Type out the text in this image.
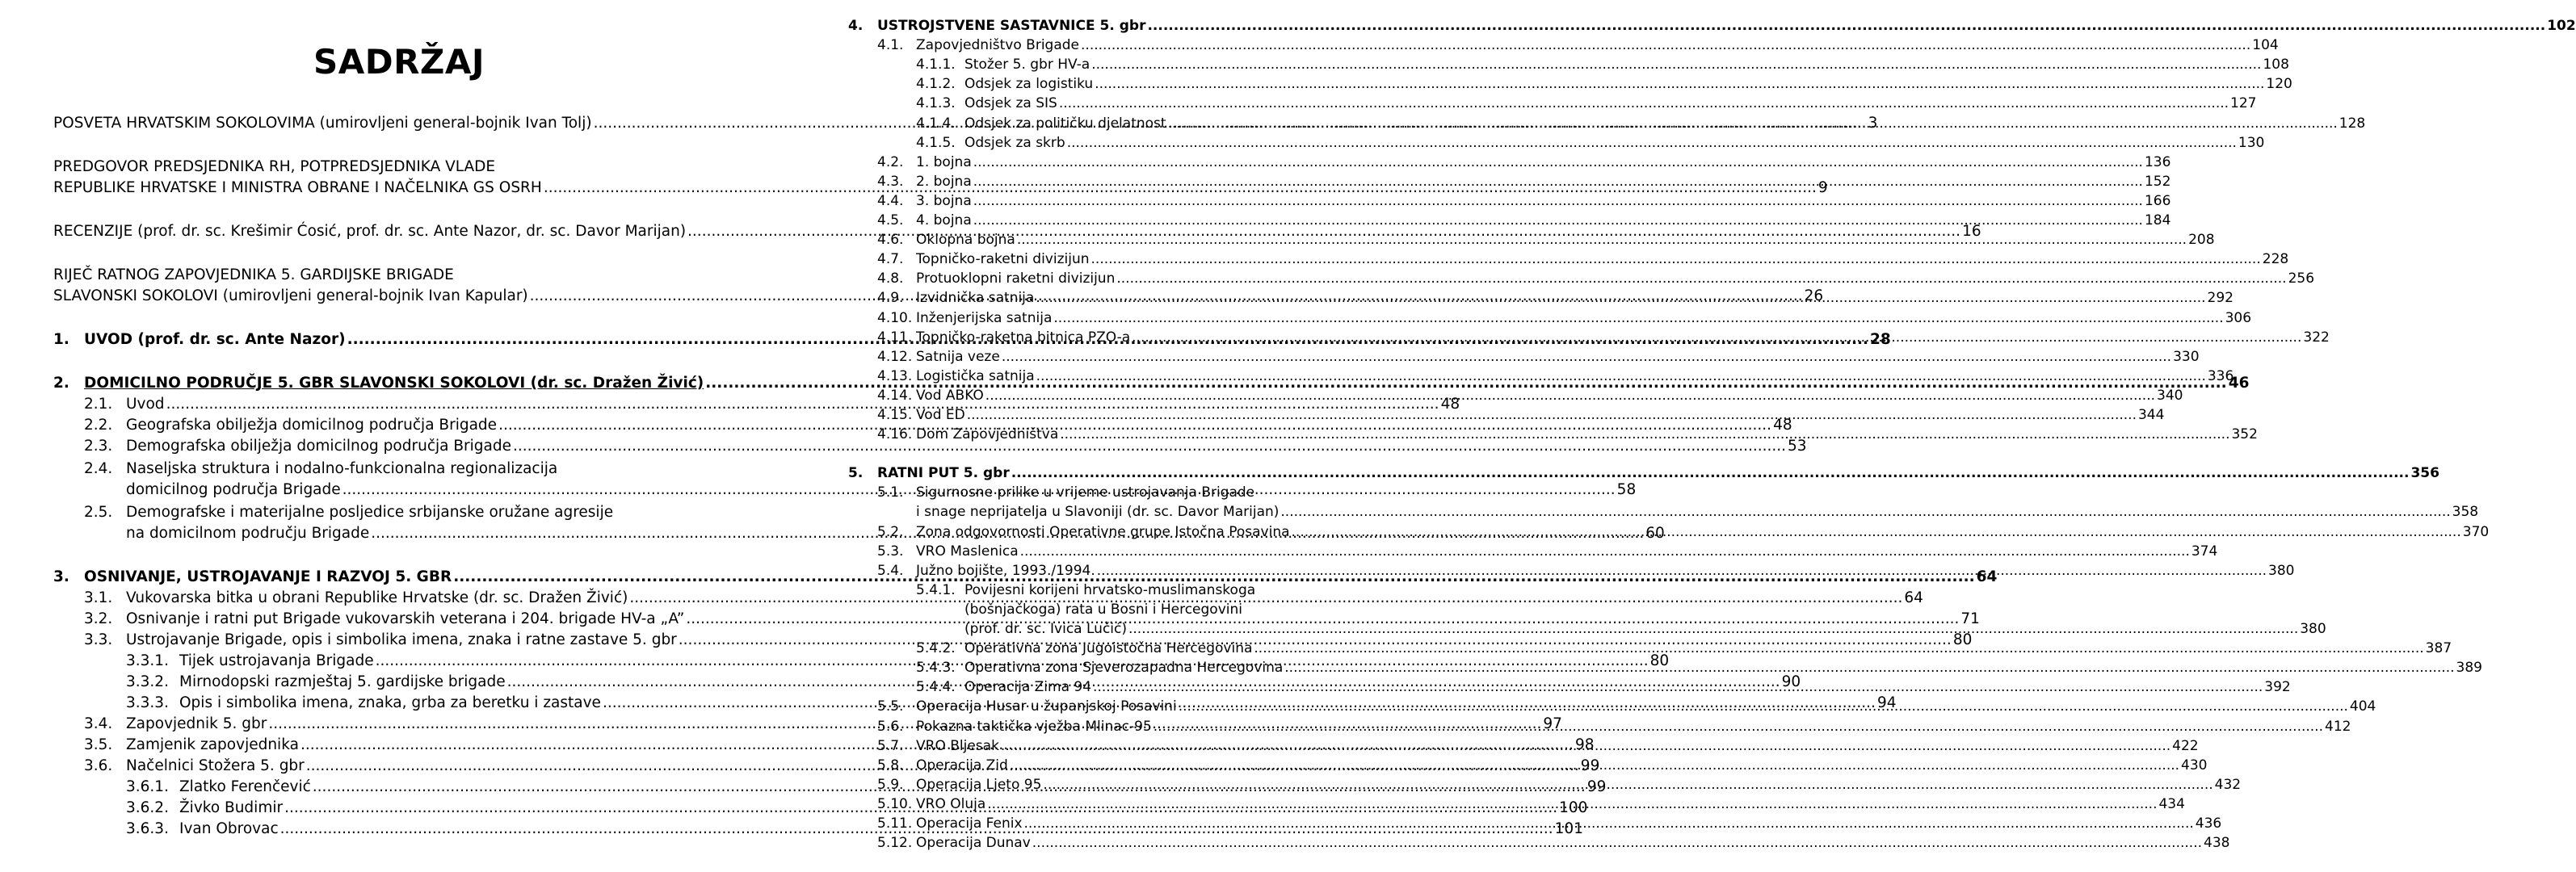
SADRŽAJ
POSVETA HRVATSKIM SOKOLOVIMA (umirovljeni general-bojnik Ivan Tolj) .....	3
PREDGOVOR PREDSJEDNIKA RH, POTPREDSJEDNIKA VLADE
REPUBLIKE HRVATSKE I MINISTRA OBRANE I NAČELNIKA GS OSRH .....	9
RECENZIJE (prof. dr. sc. Krešimir Ćosić, prof. dr. sc. Ante Nazor, dr. sc. Davor Marijan) .....	16
RIJEČ RATNOG ZAPOVJEDNIKA 5. GARDIJSKE BRIGADE
SLAVONSKI SOKOLOVI (umirovljeni general-bojnik Ivan Kapular) .....	26
1. UVOD (prof. dr. sc. Ante Nazor) .....	28
2. DOMICILNO PODRUČJE 5. GBR SLAVONSKI SOKOLOVI (dr. sc. Dražen Živić) .....	46
2.1. Uvod .....	48
2.2. Geografska obilježja domicilnog područja Brigade .....	48
2.3. Demografska obilježja domicilnog područja Brigade .....	53
2.4. Naseljska struktura i nodalno-funkcionalna regionalizacija
domicilnog područja Brigade .....	58
2.5. Demografske i materijalne posljedice srbijanske oružane agresije
na domicilnom području Brigade .....	60
3. OSNIVANJE, USTROJAVANJE I RAZVOJ 5. GBR .....	64
3.1. Vukovarska bitka u obrani Republike Hrvatske (dr. sc. Dražen Živić) .....	64
3.2. Osnivanje i ratni put Brigade vukovarskih veterana i 204. brigade HV-a „A” .....	71
3.3. Ustrojavanje Brigade, opis i simbolika imena, znaka i ratne zastave 5. gbr .....	80
3.3.1. Tijek ustrojavanja Brigade .....	80
3.3.2. Mirnodopski razmještaj 5. gardijske brigade .....	90
3.3.3. Opis i simbolika imena, znaka, grba za beretku i zastave .....	94
3.4. Zapovjednik 5. gbr .....	97
3.5. Zamjenik zapovjednika .....	98
3.6. Načelnici Stožera 5. gbr .....	99
3.6.1. Zlatko Ferenčević .....	99
3.6.2. Živko Budimir .....	100
3.6.3. Ivan Obrovac .....	101
4.	USTROJSTVENE SASTAVNICE 5. gbr .....	102
4.1. Zapovjedništvo Brigade .....	104
4.1.1. Stožer 5. gbr HV-a .....	108
4.1.2. Odsjek za logistiku .....	120
4.1.3. Odsjek za SIS .....	127
4.1.4. Odsjek za političku djelatnost .....	128
4.1.5. Odsjek za skrb .....	130
4.2. 1. bojna .....	136
4.3. 2. bojna .....	152
4.4. 3. bojna .....	166
4.5. 4. bojna .....	184
4.6. Oklopna bojna .....	208
4.7. Topničko-raketni divizijun .....	228
4.8. Protuoklopni raketni divizijun .....	256
4.9. Izvidnička satnija .....	292
4.10. Inženjerijska satnija .....	306
4.11. Topničko-raketna bitnica PZO-a .....	322
4.12. Satnija veze .....	330
4.13. Logistička satnija .....	336
4.14. Vod ABKO .....	340
4.15. Vod ED .....	344
4.16. Dom Zapovjedništva .....	352
5.	RATNI PUT 5. gbr .....	356
5.1. Sigurnosne prilike u vrijeme ustrojavanja Brigade
i snage neprijatelja u Slavoniji (dr. sc. Davor Marijan) .....	358
5.2. Zona odgovornosti Operativne grupe Istočna Posavina .....	370
5.3. VRO Maslenica .....	374
5.4. Južno bojište, 1993./1994. .....	380
5.4.1. Povijesni korijeni hrvatsko-muslimanskoga
(bošnjačkoga) rata u Bosni i Hercegovini
(prof. dr. sc. Ivica Lučić) .....	380
5.4.2. Operativna zona Jugoistočna Hercegovina .....	387
5.4.3. Operativna zona Sjeverozapadna Hercegovina .....	389
5.4.4. Operacija Zima 94 .....	392
5.5. Operacija Husar u županjskoj Posavini .....	404
5.6. Pokazna taktička vježba Mlinac-95 .....	412
5.7. VRO Bljesak .....	422
5.8. Operacija Zid .....	430
5.9. Operacija Ljeto 95 .....	432
5.10. VRO Oluja .....	434
5.11. Operacija Fenix .....	436
5.12. Operacija Dunav .....	438
